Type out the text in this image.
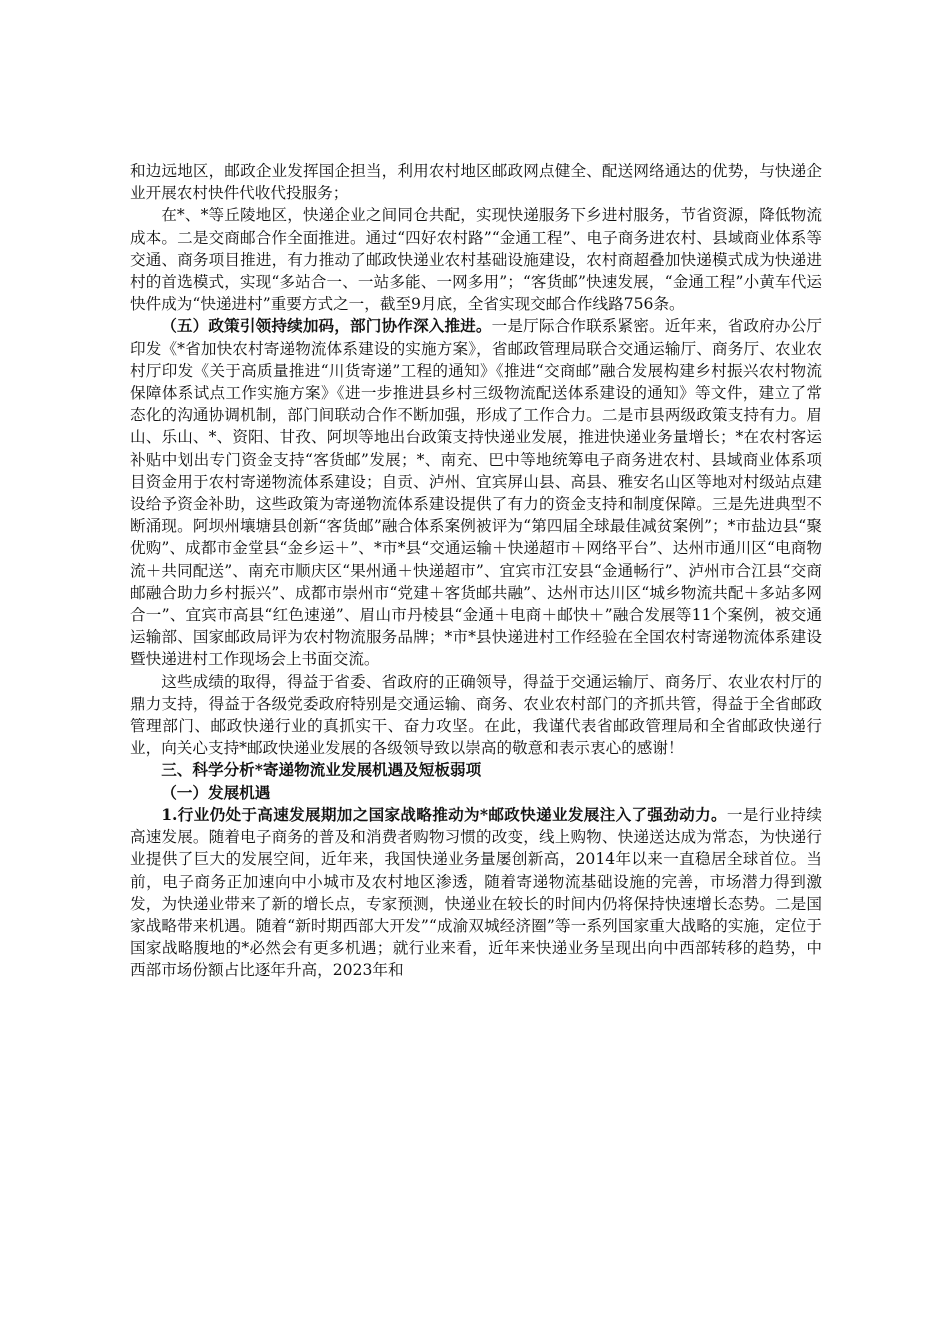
和边远地区，邮政企业发挥国企担当，利用农村地区邮政网点健全、配送网络通达的优势，与快递企业开展农村快件代收代投服务；

在*、*等丘陵地区，快递企业之间同仓共配，实现快递服务下乡进村服务，节省资源，降低物流成本。二是交商邮合作全面推进。通过“四好农村路”“金通工程”、电子商务进农村、县域商业体系等交通、商务项目推进，有力推动了邮政快递业农村基础设施建设，农村商超叠加快递模式成为快递进村的首选模式，实现“多站合一、一站多能、一网多用”；“客货邮”快速发展，“金通工程”小黄车代运快件成为“快递进村”重要方式之一，截至9月底，全省实现交邮合作线路756条。

（五）政策引领持续加码，部门协作深入推进。一是厅际合作联系紧密。近年来，省政府办公厅印发《*省加快农村寄递物流体系建设的实施方案》，省邮政管理局联合交通运输厅、商务厅、农业农村厅印发《关于高质量推进“川货寄递”工程的通知》《推进“交商邮”融合发展构建乡村振兴农村物流保障体系试点工作实施方案》《进一步推进县乡村三级物流配送体系建设的通知》等文件，建立了常态化的沟通协调机制，部门间联动合作不断加强，形成了工作合力。二是市县两级政策支持有力。眉山、乐山、*、资阳、甘孜、阿坝等地出台政策支持快递业发展，推进快递业务量增长；*在农村客运补贴中划出专门资金支持“客货邮”发展；*、南充、巴中等地统筹电子商务进农村、县域商业体系项目资金用于农村寄递物流体系建设；自贡、泸州、宜宾屏山县、高县、雅安名山区等地对村级站点建设给予资金补助，这些政策为寄递物流体系建设提供了有力的资金支持和制度保障。三是先进典型不断涌现。阿坝州壤塘县创新“客货邮”融合体系案例被评为“第四届全球最佳减贫案例”；*市盐边县“聚优购”、成都市金堂县“金乡运＋”、*市*县“交通运输＋快递超市＋网络平台”、达州市通川区“电商物流＋共同配送”、南充市顺庆区“果州通＋快递超市”、宜宾市江安县“金通畅行”、泸州市合江县“交商邮融合助力乡村振兴”、成都市崇州市“党建＋客货邮共融”、达州市达川区“城乡物流共配＋多站多网合一”、宜宾市高县“红色速递”、眉山市丹棱县“金通＋电商＋邮快＋”融合发展等11个案例，被交通运输部、国家邮政局评为农村物流服务品牌；*市*县快递进村工作经验在全国农村寄递物流体系建设暨快递进村工作现场会上书面交流。

这些成绩的取得，得益于省委、省政府的正确领导，得益于交通运输厅、商务厅、农业农村厅的鼎力支持，得益于各级党委政府特别是交通运输、商务、农业农村部门的齐抓共管，得益于全省邮政管理部门、邮政快递行业的真抓实干、奋力攻坚。在此，我谨代表省邮政管理局和全省邮政快递行业，向关心支持*邮政快递业发展的各级领导致以崇高的敬意和表示衷心的感谢！

三、科学分析*寄递物流业发展机遇及短板弱项

（一）发展机遇

1.行业仍处于高速发展期加之国家战略推动为*邮政快递业发展注入了强劲动力。一是行业持续高速发展。随着电子商务的普及和消费者购物习惯的改变，线上购物、快递送达成为常态，为快递行业提供了巨大的发展空间，近年来，我国快递业务量屡创新高，2014年以来一直稳居全球首位。当前，电子商务正加速向中小城市及农村地区渗透，随着寄递物流基础设施的完善，市场潜力得到激发，为快递业带来了新的增长点，专家预测，快递业在较长的时间内仍将保持快速增长态势。二是国家战略带来机遇。随着“新时期西部大开发”“成渝双城经济圈”等一系列国家重大战略的实施，定位于国家战略腹地的*必然会有更多机遇；就行业来看，近年来快递业务呈现出向中西部转移的趋势，中西部市场份额占比逐年升高，2023年和
